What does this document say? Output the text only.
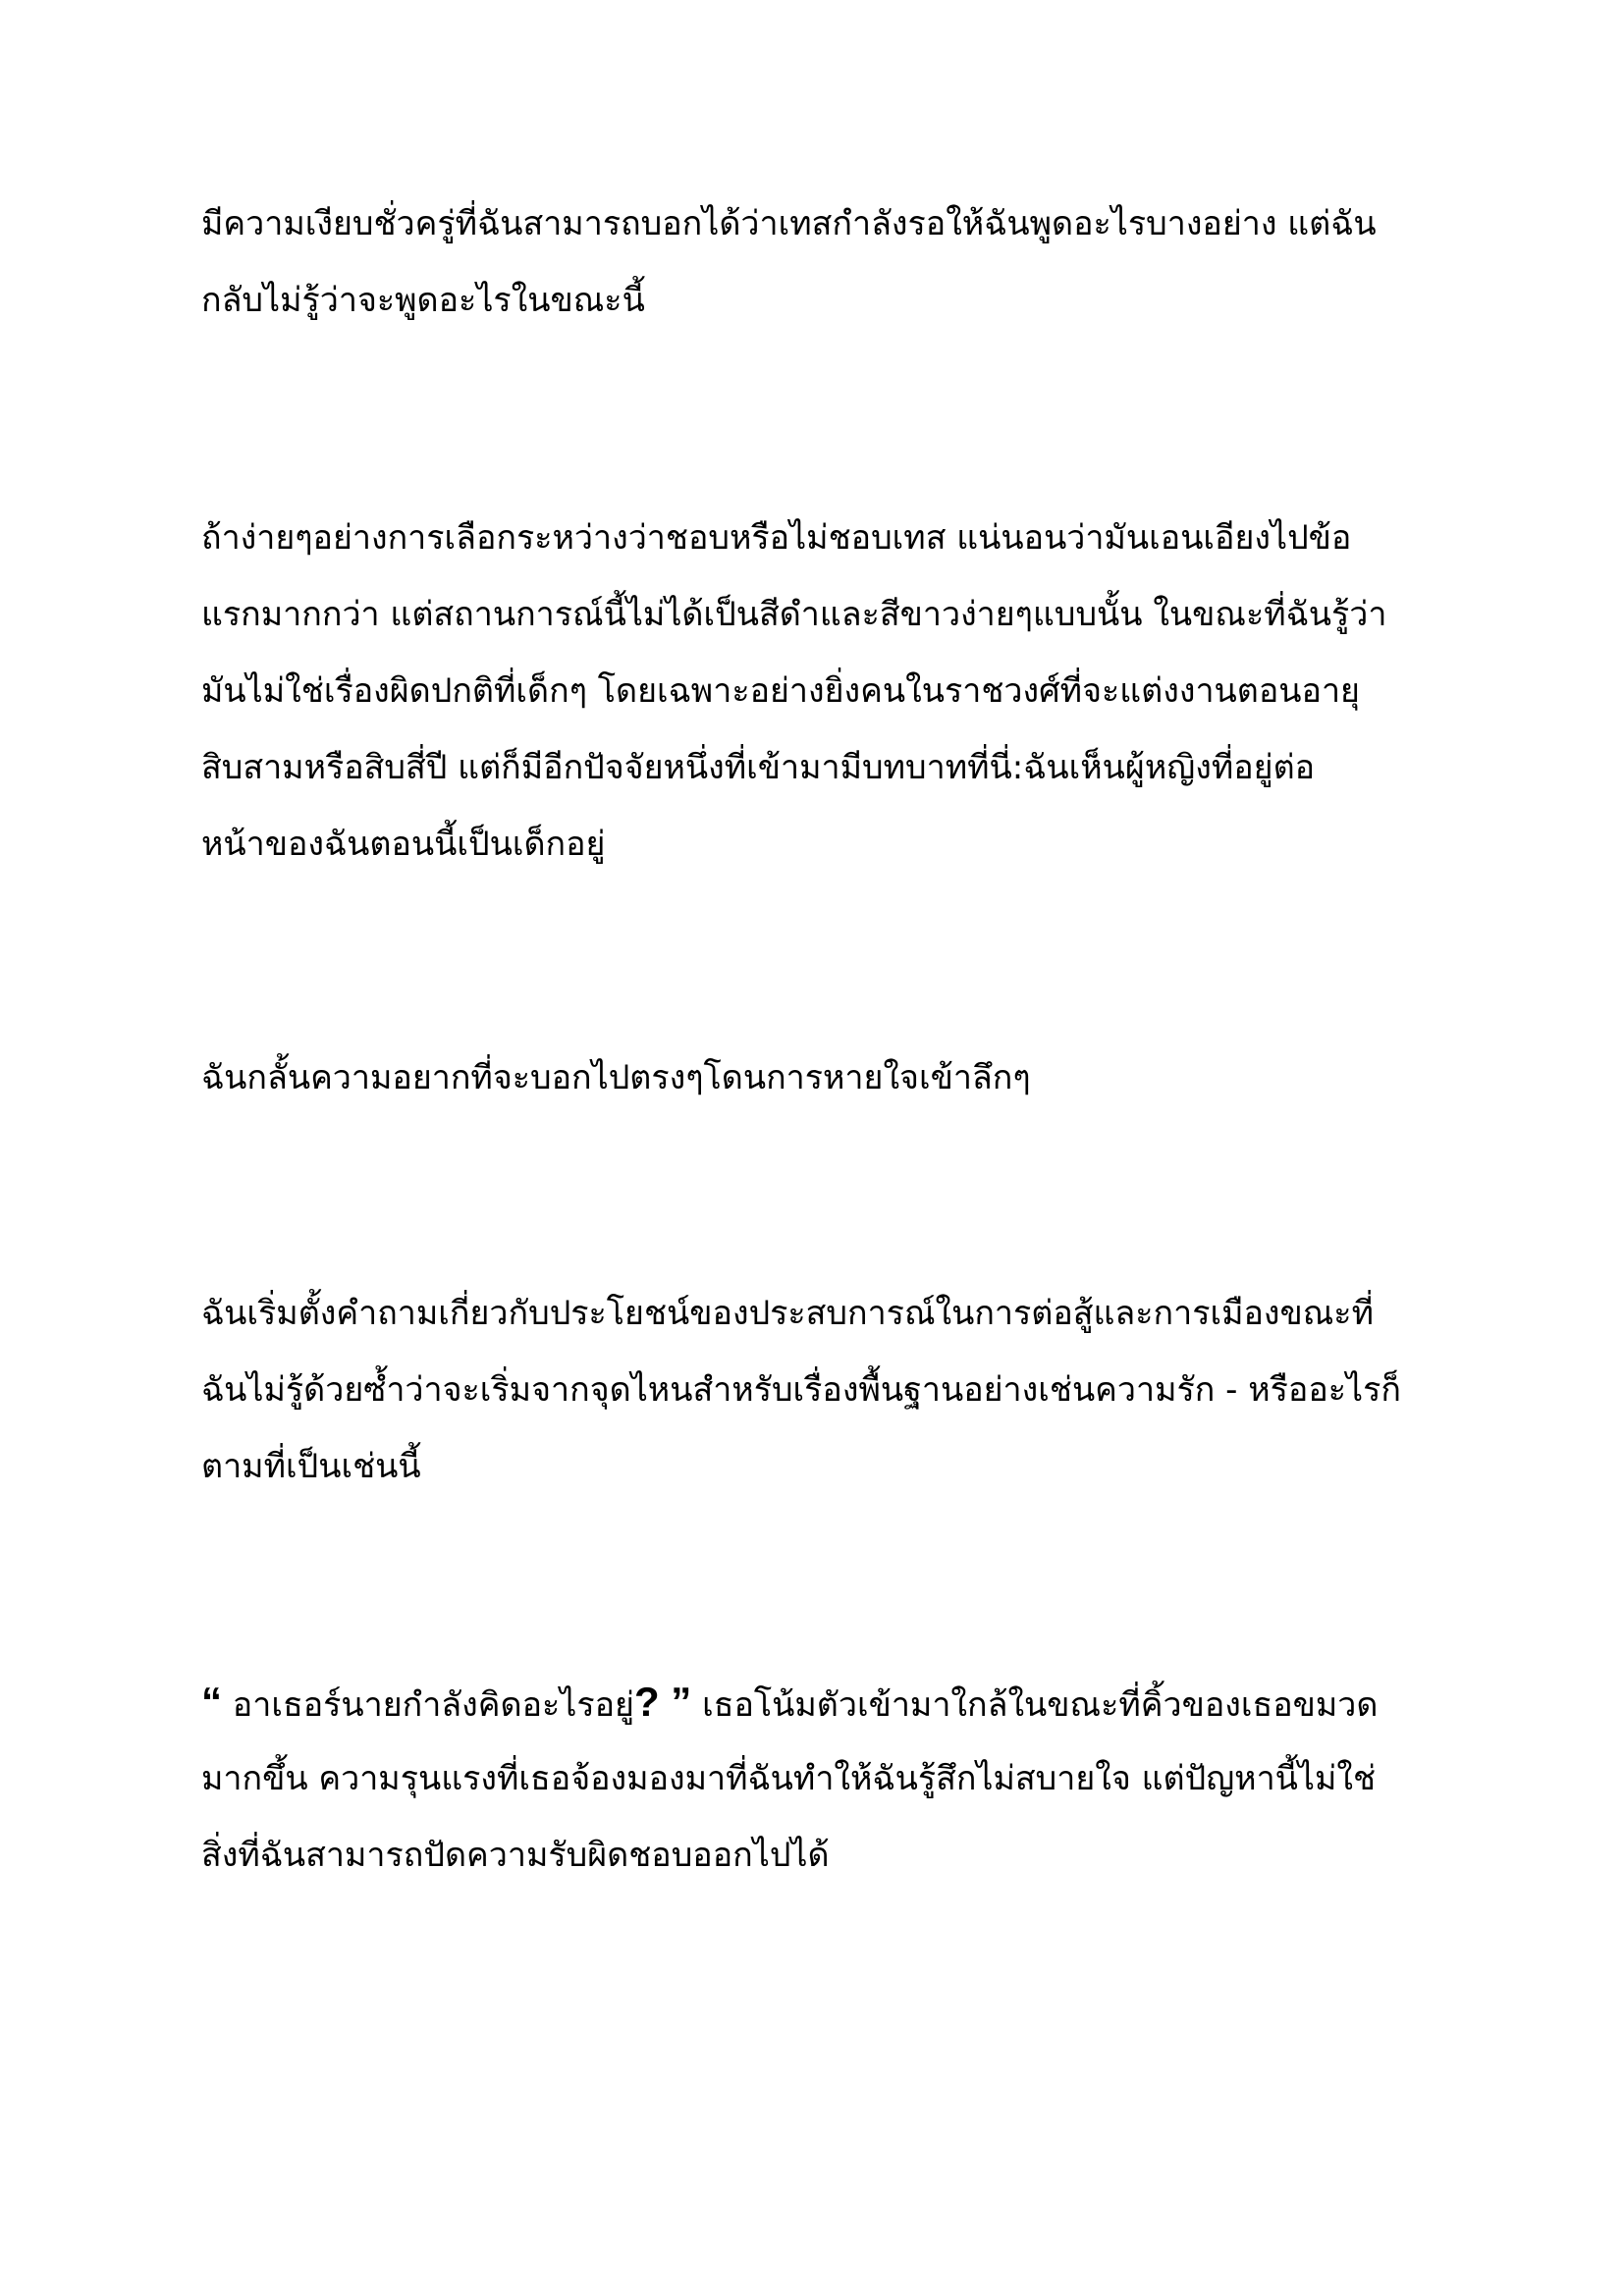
มีความเงียบชั่วครู่ที่ฉันสามารถบอกได้ว่าเทสกำลังรอให้ฉันพูดอะไรบางอย่าง แต่ฉัน
กลับไม่รู้ว่าจะพูดอะไรในขณะนี้
ถ้าง่ายๆอย่างการเลือกระหว่างว่าชอบหรือไม่ชอบเทส แน่นอนว่ามันเอนเอียงไปข้อ
แรกมากกว่า แต่สถานการณ์นี้ไม่ได้เป็นสีดำและสีขาวง่ายๆแบบนั้น ในขณะที่ฉันรู้ว่า
มันไม่ใช่เรื่องผิดปกติที่เด็กๆ โดยเฉพาะอย่างยิ่งคนในราชวงศ์ที่จะแต่งงานตอนอายุ
สิบสามหรือสิบสี่ปี แต่ก็มีอีกปัจจัยหนึ่งที่เข้ามามีบทบาทที่นี่:ฉันเห็นผู้หญิงที่อยู่ต่อ
หน้าของฉันตอนนี้เป็นเด็กอยู่
ฉันกลั้นความอยากที่จะบอกไปตรงๆโดนการหายใจเข้าลึกๆ
ฉันเริ่มตั้งคำถามเกี่ยวกับประโยชน์ของประสบการณ์ในการต่อสู้และการเมืองขณะที่
ฉันไม่รู้ด้วยซ้ำว่าจะเริ่มจากจุดไหนสำหรับเรื่องพื้นฐานอย่างเช่นความรัก - หรืออะไรก็
ตามที่เป็นเช่นนี้
“ อาเธอร์นายกำลังคิดอะไรอยู่? ” เธอโน้มตัวเข้ามาใกล้ในขณะที่คิ้วของเธอขมวด
มากขึ้น ความรุนแรงที่เธอจ้องมองมาที่ฉันทำให้ฉันรู้สึกไม่สบายใจ แต่ปัญหานี้ไม่ใช่
สิ่งที่ฉันสามารถปัดความรับผิดชอบออกไปได้
